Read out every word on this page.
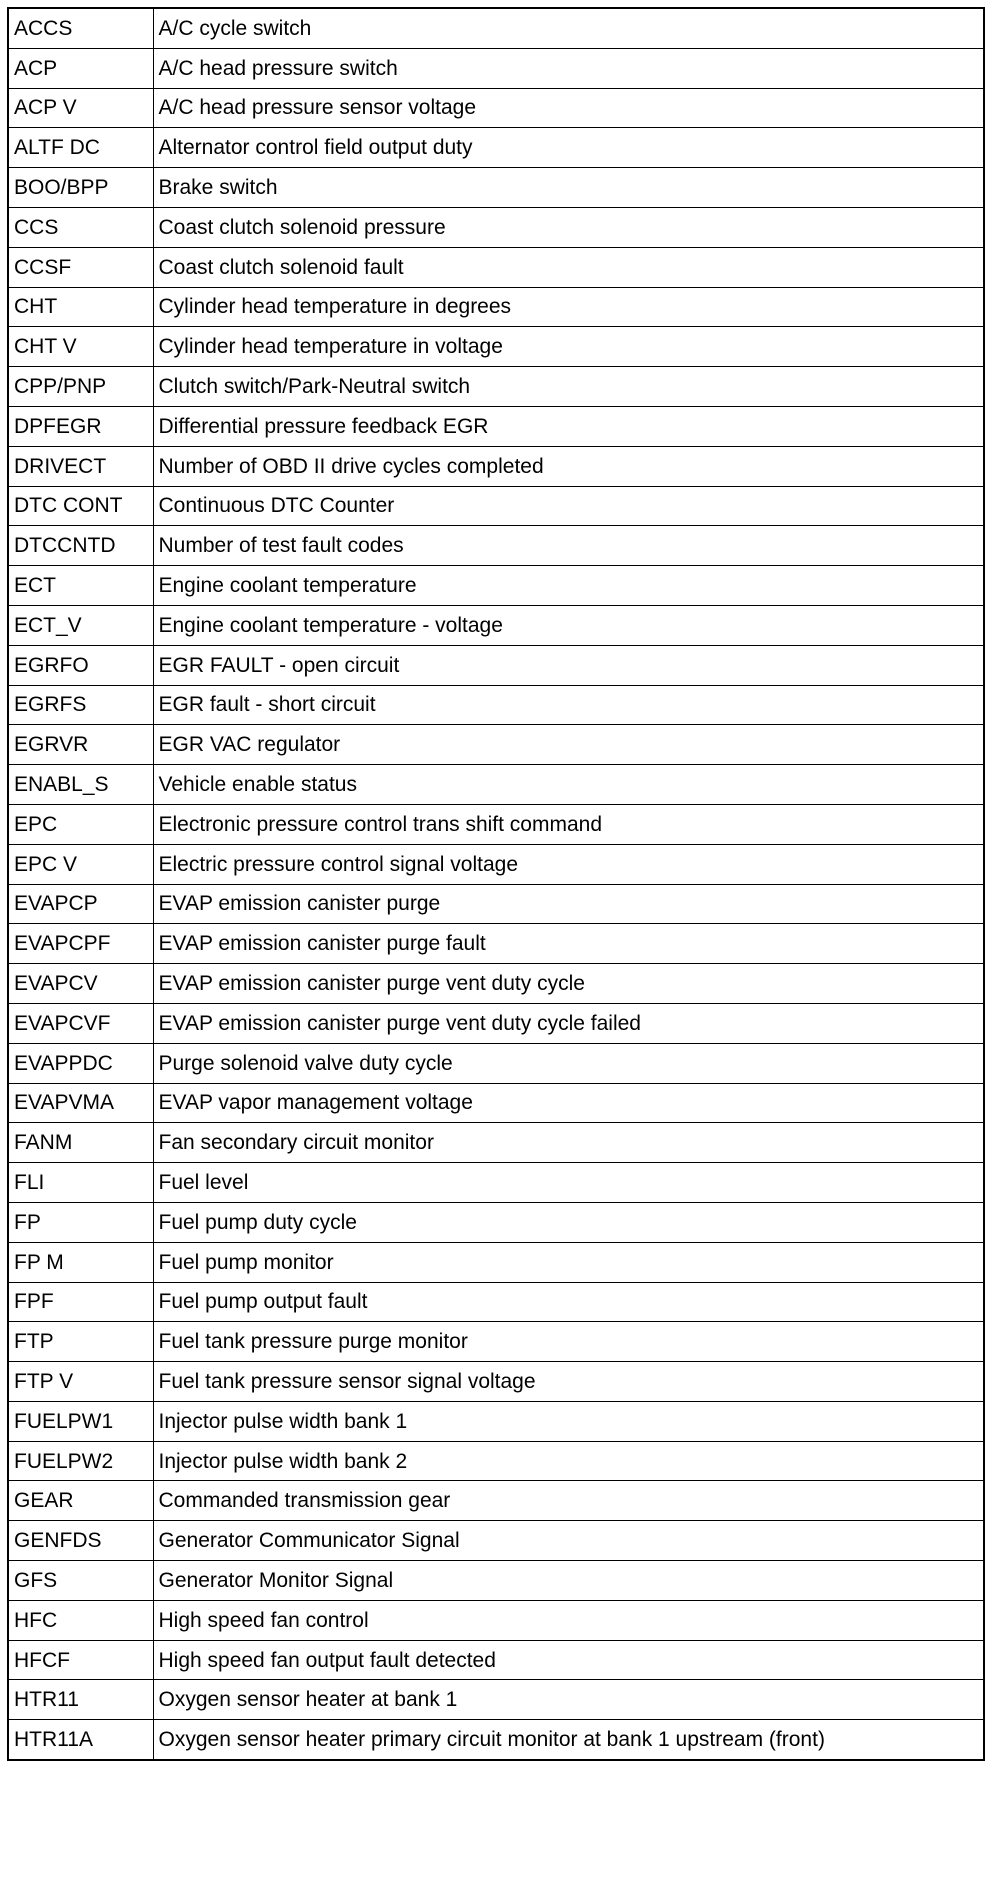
ACCS	A/C cycle switch
ACP	A/C head pressure switch
ACP V	A/C head pressure sensor voltage
ALTF DC	Alternator control field output duty
BOO/BPP	Brake switch
CCS	Coast clutch solenoid pressure
CCSF	Coast clutch solenoid fault
CHT	Cylinder head temperature in degrees
CHT V	Cylinder head temperature in voltage
CPP/PNP	Clutch switch/Park-Neutral switch
DPFEGR	Differential pressure feedback EGR
DRIVECT	Number of OBD II drive cycles completed
DTC CONT	Continuous DTC Counter
DTCCNTD	Number of test fault codes
ECT	Engine coolant temperature
ECT_V	Engine coolant temperature - voltage
EGRFO	EGR FAULT - open circuit
EGRFS	EGR fault - short circuit
EGRVR	EGR VAC regulator
ENABL_S	Vehicle enable status
EPC	Electronic pressure control trans shift command
EPC V	Electric pressure control signal voltage
EVAPCP	EVAP emission canister purge
EVAPCPF	EVAP emission canister purge fault
EVAPCV	EVAP emission canister purge vent duty cycle
EVAPCVF	EVAP emission canister purge vent duty cycle failed
EVAPPDC	Purge solenoid valve duty cycle
EVAPVMA	EVAP vapor management voltage
FANM	Fan secondary circuit monitor
FLI	Fuel level
FP	Fuel pump duty cycle
FP M	Fuel pump monitor
FPF	Fuel pump output fault
FTP	Fuel tank pressure purge monitor
FTP V	Fuel tank pressure sensor signal voltage
FUELPW1	Injector pulse width bank 1
FUELPW2	Injector pulse width bank 2
GEAR	Commanded transmission gear
GENFDS	Generator Communicator Signal
GFS	Generator Monitor Signal
HFC	High speed fan control
HFCF	High speed fan output fault detected
HTR11	Oxygen sensor heater at bank 1
HTR11A	Oxygen sensor heater primary circuit monitor at bank 1 upstream (front)
